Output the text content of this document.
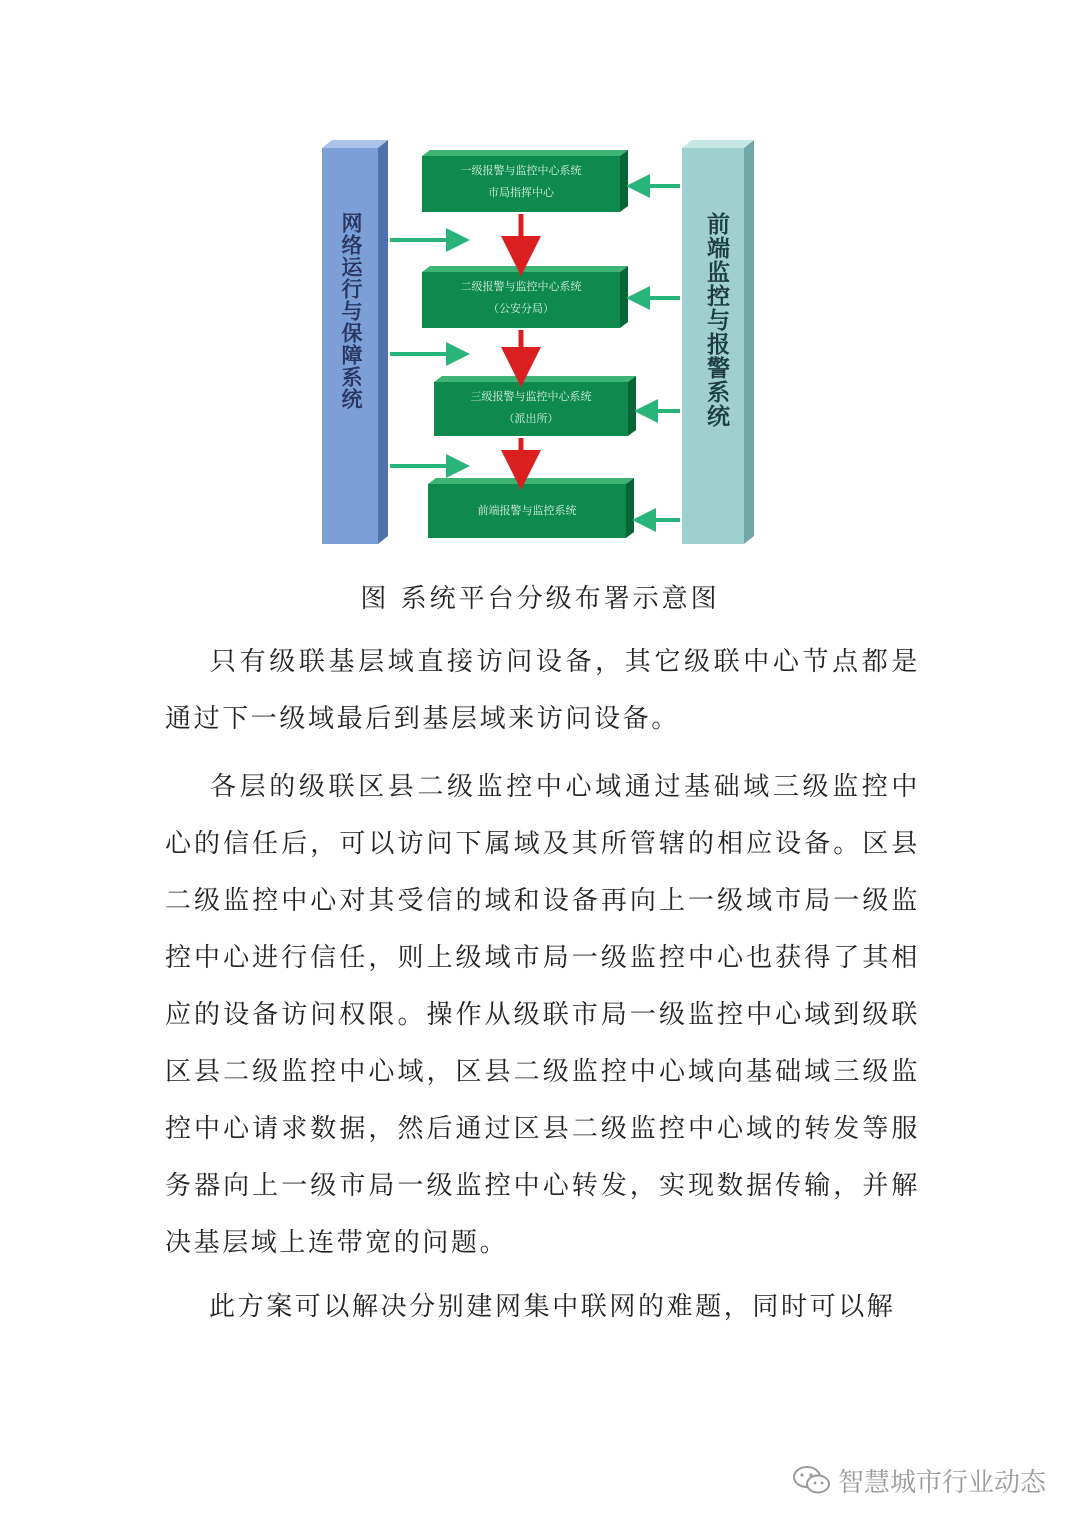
网络运行与保障系统	前端监控与报警系统
一级报警与监控中心系统
市局指挥中心
二级报警与监控中心系统
（公安分局）
三级报警与监控中心系统
（派出所）
前端报警与监控系统
图 系统平台分级布署示意图

只有级联基层域直接访问设备，其它级联中心节点都是通过下一级域最后到基层域来访问设备。

各层的级联区县二级监控中心域通过基础域三级监控中心的信任后，可以访问下属域及其所管辖的相应设备。区县二级监控中心对其受信的域和设备再向上一级域市局一级监控中心进行信任，则上级域市局一级监控中心也获得了其相应的设备访问权限。操作从级联市局一级监控中心域到级联区县二级监控中心域，区县二级监控中心域向基础域三级监控中心请求数据，然后通过区县二级监控中心域的转发等服务器向上一级市局一级监控中心转发，实现数据传输，并解决基层域上连带宽的问题。

此方案可以解决分别建网集中联网的难题，同时可以解

智慧城市行业动态
